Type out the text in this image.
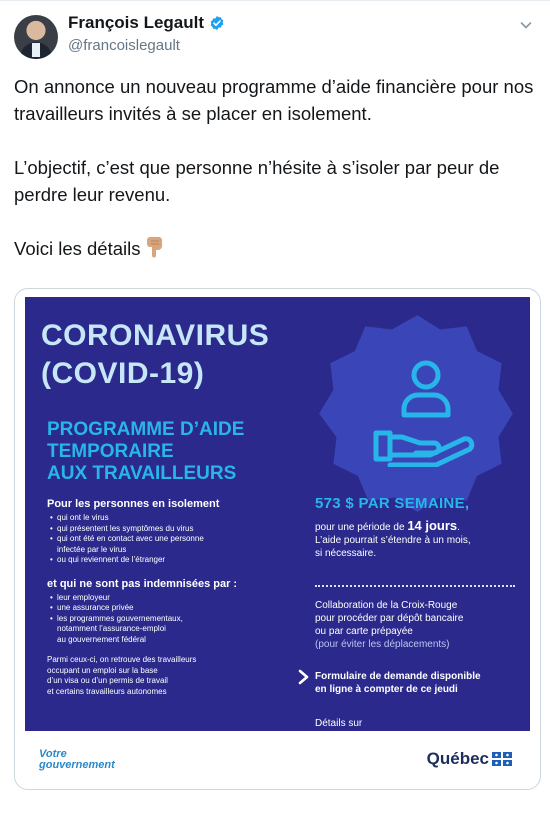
François Legault
@francoislegault

On annonce un nouveau programme d’aide financière pour nos travailleurs invités à se placer en isolement.

L’objectif, c’est que personne n’hésite à s’isoler par peur de perdre leur revenu.

Voici les détails

CORONAVIRUS
(COVID-19)
PROGRAMME D’AIDE
TEMPORAIRE
AUX TRAVAILLEURS
Pour les personnes en isolement
• qui ont le virus
• qui présentent les symptômes du virus
• qui ont été en contact avec une personne
infectée par le virus
• ou qui reviennent de l’étranger
et qui ne sont pas indemnisées par :
• leur employeur
• une assurance privée
• les programmes gouvernementaux,
notamment l’assurance-emploi
au gouvernement fédéral
Parmi ceux-ci, on retrouve des travailleurs
occupant un emploi sur la base
d’un visa ou d’un permis de travail
et certains travailleurs autonomes
573 $ PAR SEMAINE,
pour une période de 14 jours.
L’aide pourrait s’étendre à un mois,
si nécessaire.
Collaboration de la Croix-Rouge
pour procéder par dépôt bancaire
ou par carte prépayée
(pour éviter les déplacements)
Formulaire de demande disponible
en ligne à compter de ce jeudi
Détails sur
Votre
gouvernement	Québec
